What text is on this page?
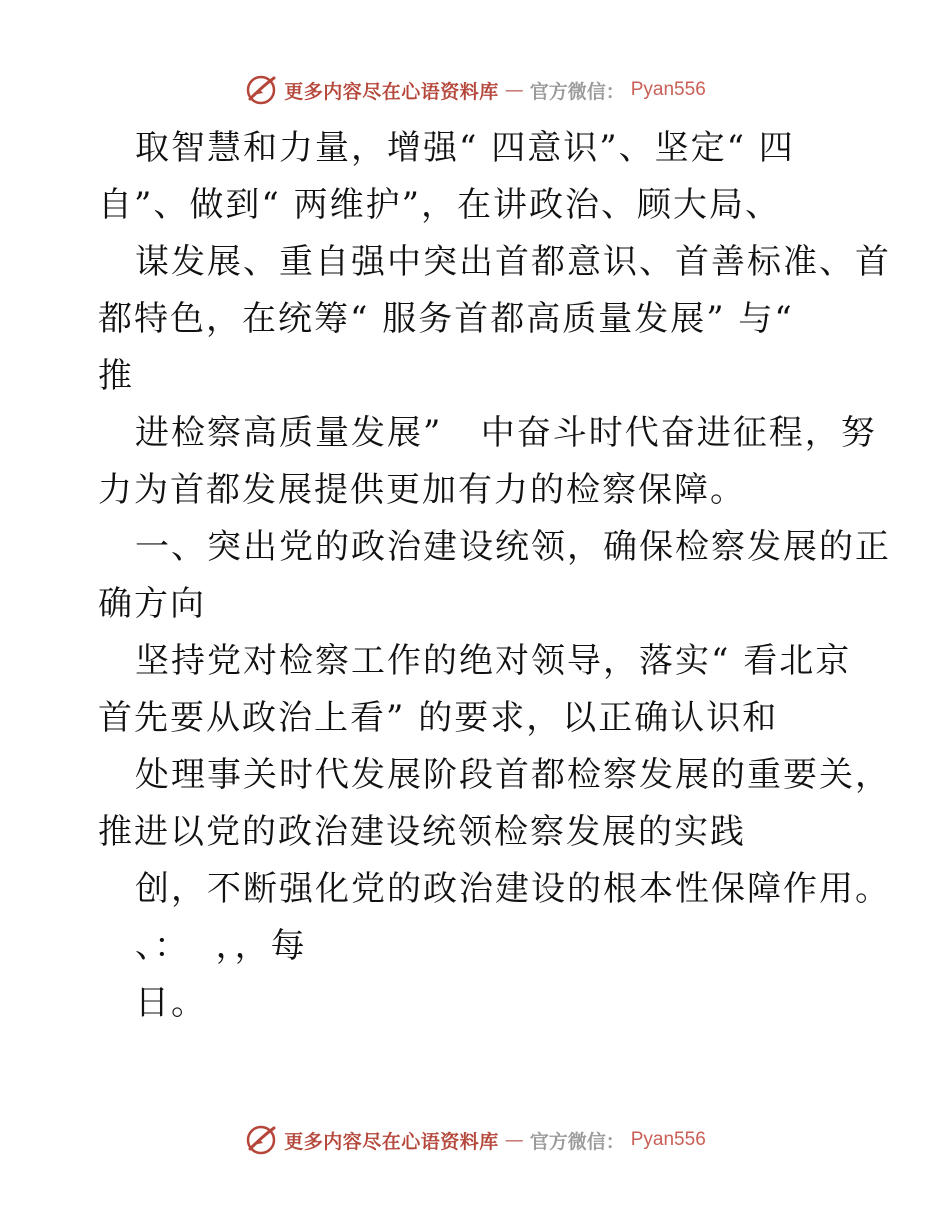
更多内容尽在心语资料库 — 官方微信： Pyan556
取智慧和力量，增强“ 四意识”、坚定“ 四
自”、做到“ 两维护”，在讲政治、顾大局、
谋发展、重自强中突出首都意识、首善标准、首
都特色，在统筹“ 服务首都高质量发展” 与“
推
进检察高质量发展”   中奋斗时代奋进征程，努
力为首都发展提供更加有力的检察保障。
一、突出党的政治建设统领，确保检察发展的正
确方向
坚持党对检察工作的绝对领导，落实“ 看北京
首先要从政治上看” 的要求，以正确认识和
处理事关时代发展阶段首都检察发展的重要关，
推进以党的政治建设统领检察发展的实践
创，不断强化党的政治建设的根本性保障作用。
、：  ，，每
日。
更多内容尽在心语资料库 — 官方微信： Pyan556
